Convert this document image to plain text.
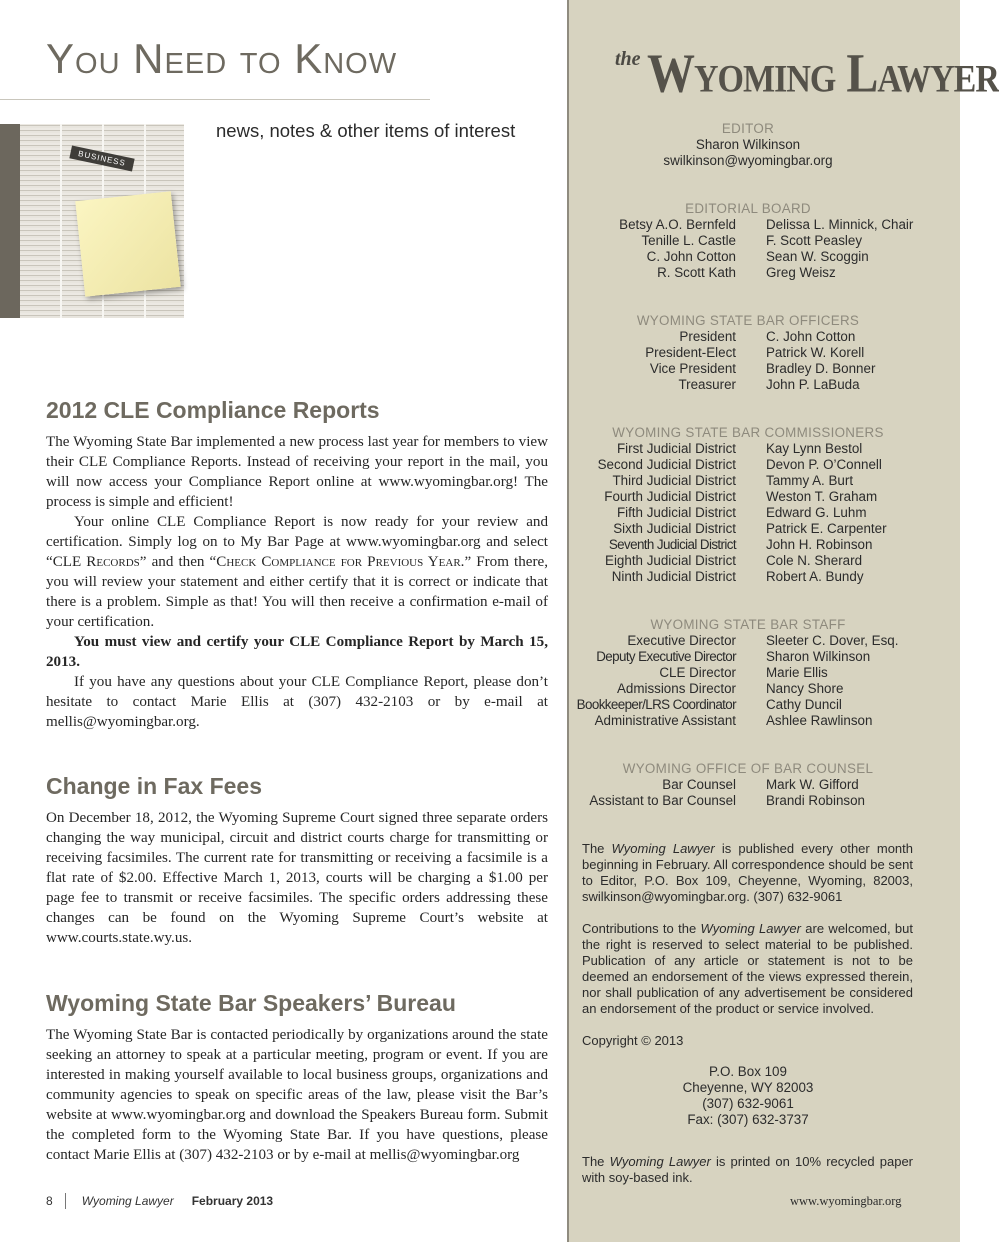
You Need to Know
BUSINESS
news, notes & other items of interest
2012 CLE Compliance Reports

The Wyoming State Bar implemented a new process last year for members to view their CLE Compliance Reports. Instead of receiving your report in the mail, you will now access your Compliance Report online at www.wyomingbar.org! The process is simple and efficient!

Your online CLE Compliance Report is now ready for your review and certification. Simply log on to My Bar Page at www.wyomingbar.org and select “CLE Records” and then “Check Compliance for Previous Year.” From there, you will review your statement and either certify that it is correct or indicate that there is a problem. Simple as that! You will then receive a confirmation e-mail of your certification.

You must view and certify your CLE Compliance Report by March 15, 2013.

If you have any questions about your CLE Compliance Report, please don’t hesitate to contact Marie Ellis at (307) 432-2103 or by e-mail at mellis@wyomingbar.org.

Change in Fax Fees

On December 18, 2012, the Wyoming Supreme Court signed three separate orders changing the way municipal, circuit and district courts charge for transmitting or receiving facsimiles. The current rate for transmitting or receiving a facsimile is a flat rate of $2.00. Effective March 1, 2013, courts will be charging a $1.00 per page fee to transmit or receive facsimiles. The specific orders addressing these changes can be found on the Wyoming Supreme Court’s website at www.courts.state.wy.us.

Wyoming State Bar Speakers’ Bureau

The Wyoming State Bar is contacted periodically by organizations around the state seeking an attorney to speak at a particular meeting, program or event. If you are interested in making yourself available to local business groups, organizations and community agencies to speak on specific areas of the law, please visit the Bar’s website at www.wyomingbar.org and download the Speakers Bureau form. Submit the completed form to the Wyoming State Bar. If you have questions, please contact Marie Ellis at (307) 432-2103 or by e-mail at mellis@wyomingbar.org

8 Wyoming Lawyer February 2013
the Wyoming Lawyer
EDITOR
Sharon Wilkinson
swilkinson@wyomingbar.org
EDITORIAL BOARD
Betsy A.O. Bernfeld Delissa L. Minnick, Chair
Tenille L. Castle F. Scott Peasley
C. John Cotton Sean W. Scoggin
R. Scott Kath Greg Weisz
WYOMING STATE BAR OFFICERS
President C. John Cotton
President-Elect Patrick W. Korell
Vice President Bradley D. Bonner
Treasurer John P. LaBuda
WYOMING STATE BAR COMMISSIONERS
First Judicial District Kay Lynn Bestol
Second Judicial District Devon P. O’Connell
Third Judicial District Tammy A. Burt
Fourth Judicial District Weston T. Graham
Fifth Judicial District Edward G. Luhm
Sixth Judicial District Patrick E. Carpenter
Seventh Judicial District John H. Robinson
Eighth Judicial District Cole N. Sherard
Ninth Judicial District Robert A. Bundy
WYOMING STATE BAR STAFF
Executive Director Sleeter C. Dover, Esq.
Deputy Executive Director Sharon Wilkinson
CLE Director Marie Ellis
Admissions Director Nancy Shore
Bookkeeper/LRS Coordinator Cathy Duncil
Administrative Assistant Ashlee Rawlinson
WYOMING OFFICE OF BAR COUNSEL
Bar Counsel Mark W. Gifford
Assistant to Bar Counsel Brandi Robinson
The Wyoming Lawyer is published every other month beginning in February. All correspondence should be sent to Editor, P.O. Box 109, Cheyenne, Wyoming, 82003, swilkinson@wyomingbar.org. (307) 632-9061
Contributions to the Wyoming Lawyer are welcomed, but the right is reserved to select material to be published. Publication of any article or statement is not to be deemed an endorsement of the views expressed therein, nor shall publication of any advertisement be considered an endorsement of the product or service involved.
Copyright © 2013
P.O. Box 109
Cheyenne, WY 82003
(307) 632-9061
Fax: (307) 632-3737
The Wyoming Lawyer is printed on 10% recycled paper with soy-based ink.
www.wyomingbar.org
